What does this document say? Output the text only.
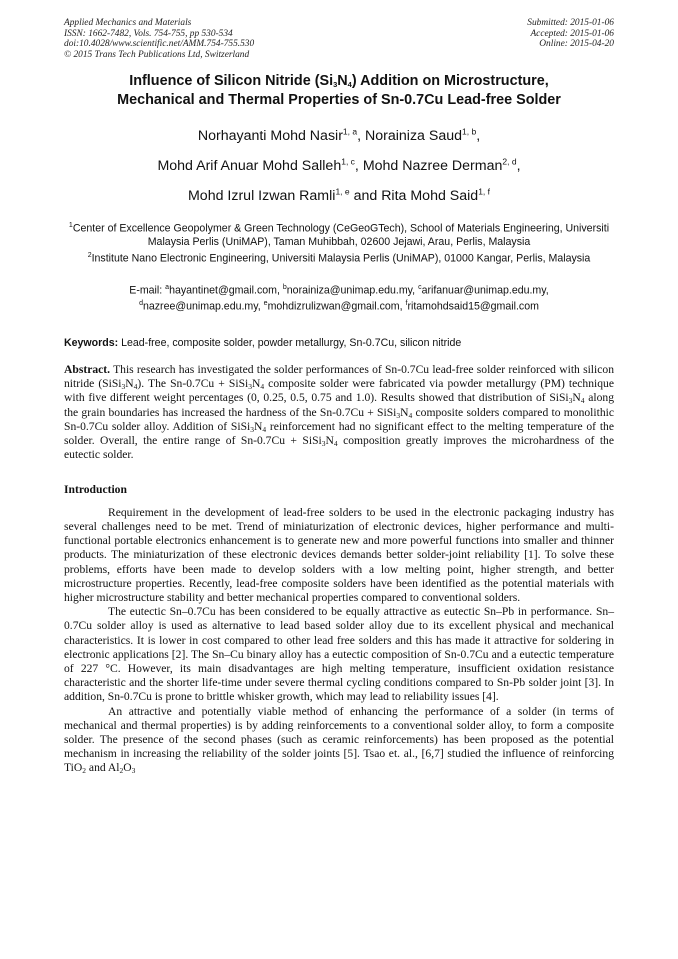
Applied Mechanics and Materials
ISSN: 1662-7482, Vols. 754-755, pp 530-534
doi:10.4028/www.scientific.net/AMM.754-755.530
© 2015 Trans Tech Publications Ltd, Switzerland
Submitted: 2015-01-06
Accepted: 2015-01-06
Online: 2015-04-20
Influence of Silicon Nitride $(Si_3N_4)$ Addition on Microstructure,
Mechanical and Thermal Properties of Sn-0.7Cu Lead-free Solder
Norhayanti Mohd Nasir$^{1, a}$, Norainiza Saud$^{1, b}$,
Mohd Arif Anuar Mohd Salleh$^{1, c}$, Mohd Nazree Derman$^{2, d}$,
Mohd Izrul Izwan Ramli$^{1, e}$ and Rita Mohd Said$^{1, f}$
$^1$Center of Excellence Geopolymer & Green Technology (CeGeoGTech), School of Materials Engineering, Universiti Malaysia Perlis (UniMAP), Taman Muhibbah, 02600 Jejawi, Arau, Perlis, Malaysia
$^2$Institute Nano Electronic Engineering, Universiti Malaysia Perlis (UniMAP), 01000 Kangar, Perlis, Malaysia
E-mail: $^a$hayantinet@gmail.com, $^b$norainiza@unimap.edu.my, $^c$arifanuar@unimap.edu.my,
$^d$nazree@unimap.edu.my, $^e$mohdizrulizwan@gmail.com, $^f$ritamohdsaid15@gmail.com
Keywords: Lead-free, composite solder, powder metallurgy, Sn-0.7Cu, silicon nitride
Abstract. This research has investigated the solder performances of Sn-0.7Cu lead-free solder reinforced with silicon nitride $(SiSi_3N_4)$. The $Sn-0.7Cu + SiSi_3N_4$ composite solder were fabricated via powder metallurgy (PM) technique with five different weight percentages (0, 0.25, 0.5, 0.75 and 1.0). Results showed that distribution of $SiSi_3N_4$ along the grain boundaries has increased the hardness of the $Sn-0.7Cu + SiSi_3N_4$ composite solders compared to monolithic Sn-0.7Cu solder alloy. Addition of $SiSi_3N_4$ reinforcement had no significant effect to the melting temperature of the solder. Overall, the entire range of $Sn-0.7Cu + SiSi_3N_4$ composition greatly improves the microhardness of the eutectic solder.
Introduction
Requirement in the development of lead-free solders to be used in the electronic packaging industry has several challenges need to be met. Trend of miniaturization of electronic devices, higher performance and multi-functional portable electronics enhancement is to generate new and more powerful functions into smaller and thinner products. The miniaturization of these electronic devices demands better solder-joint reliability [1]. To solve these problems, efforts have been made to develop solders with a low melting point, higher strength, and better microstructure properties. Recently, lead-free composite solders have been identified as the potential materials with higher microstructure stability and better mechanical properties compared to conventional solders.
The eutectic Sn–0.7Cu has been considered to be equally attractive as eutectic Sn–Pb in performance. Sn–0.7Cu solder alloy is used as alternative to lead based solder alloy due to its excellent physical and mechanical characteristics. It is lower in cost compared to other lead free solders and this has made it attractive for soldering in electronic applications [2]. The Sn–Cu binary alloy has a eutectic composition of Sn-0.7Cu and a eutectic temperature of 227 °C. However, its main disadvantages are high melting temperature, insufficient oxidation resistance characteristic and the shorter life-time under severe thermal cycling conditions compared to Sn-Pb solder joint [3]. In addition, Sn-0.7Cu is prone to brittle whisker growth, which may lead to reliability issues [4].
An attractive and potentially viable method of enhancing the performance of a solder (in terms of mechanical and thermal properties) is by adding reinforcements to a conventional solder alloy, to form a composite solder. The presence of the second phases (such as ceramic reinforcements) has been proposed as the potential mechanism in increasing the reliability of the solder joints [5]. Tsao et. al., [6,7] studied the influence of reinforcing TiO$_2$ and $Al_2O_3$
